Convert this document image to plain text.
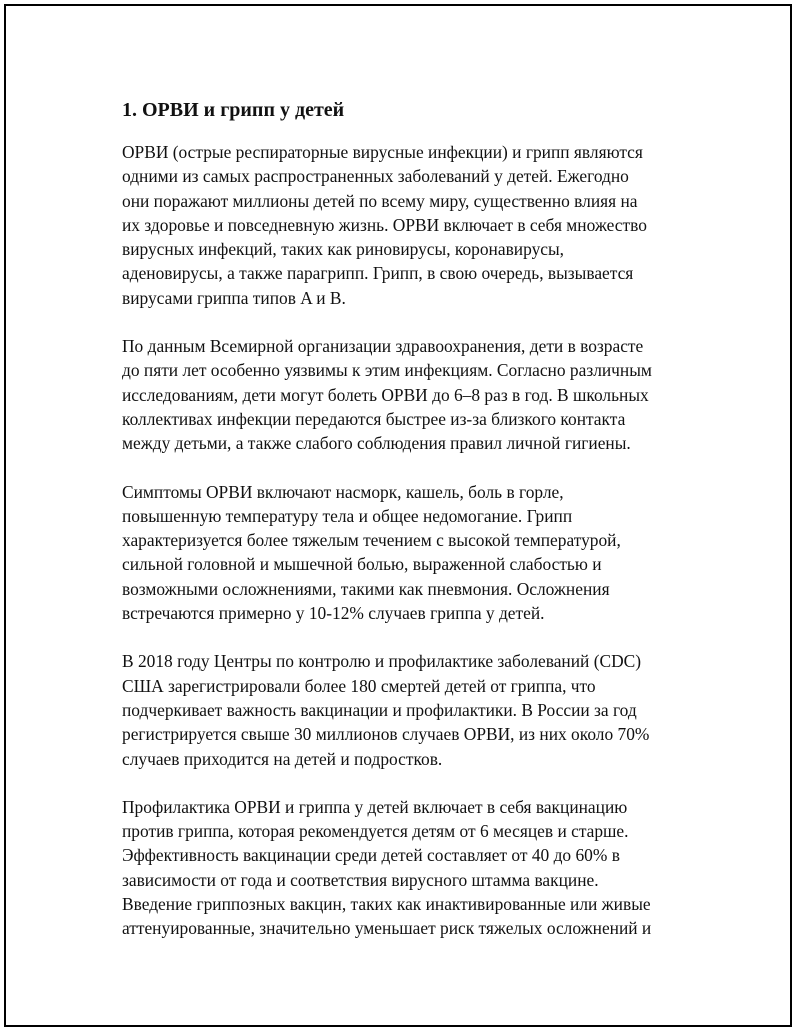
1. ОРВИ и грипп у детей

ОРВИ (острые респираторные вирусные инфекции) и грипп являются
одними из самых распространенных заболеваний у детей. Ежегодно
они поражают миллионы детей по всему миру, существенно влияя на
их здоровье и повседневную жизнь. ОРВИ включает в себя множество
вирусных инфекций, таких как риновирусы, коронавирусы,
аденовирусы, а также парагрипп. Грипп, в свою очередь, вызывается
вирусами гриппа типов A и B.

По данным Всемирной организации здравоохранения, дети в возрасте
до пяти лет особенно уязвимы к этим инфекциям. Согласно различным
исследованиям, дети могут болеть ОРВИ до 6–8 раз в год. В школьных
коллективах инфекции передаются быстрее из-за близкого контакта
между детьми, а также слабого соблюдения правил личной гигиены.

Симптомы ОРВИ включают насморк, кашель, боль в горле,
повышенную температуру тела и общее недомогание. Грипп
характеризуется более тяжелым течением с высокой температурой,
сильной головной и мышечной болью, выраженной слабостью и
возможными осложнениями, такими как пневмония. Осложнения
встречаются примерно у 10-12% случаев гриппа у детей.

В 2018 году Центры по контролю и профилактике заболеваний (CDC)
США зарегистрировали более 180 смертей детей от гриппа, что
подчеркивает важность вакцинации и профилактики. В России за год
регистрируется свыше 30 миллионов случаев ОРВИ, из них около 70%
случаев приходится на детей и подростков.

Профилактика ОРВИ и гриппа у детей включает в себя вакцинацию
против гриппа, которая рекомендуется детям от 6 месяцев и старше.
Эффективность вакцинации среди детей составляет от 40 до 60% в
зависимости от года и соответствия вирусного штамма вакцине.
Введение гриппозных вакцин, таких как инактивированные или живые
аттенуированные, значительно уменьшает риск тяжелых осложнений и
